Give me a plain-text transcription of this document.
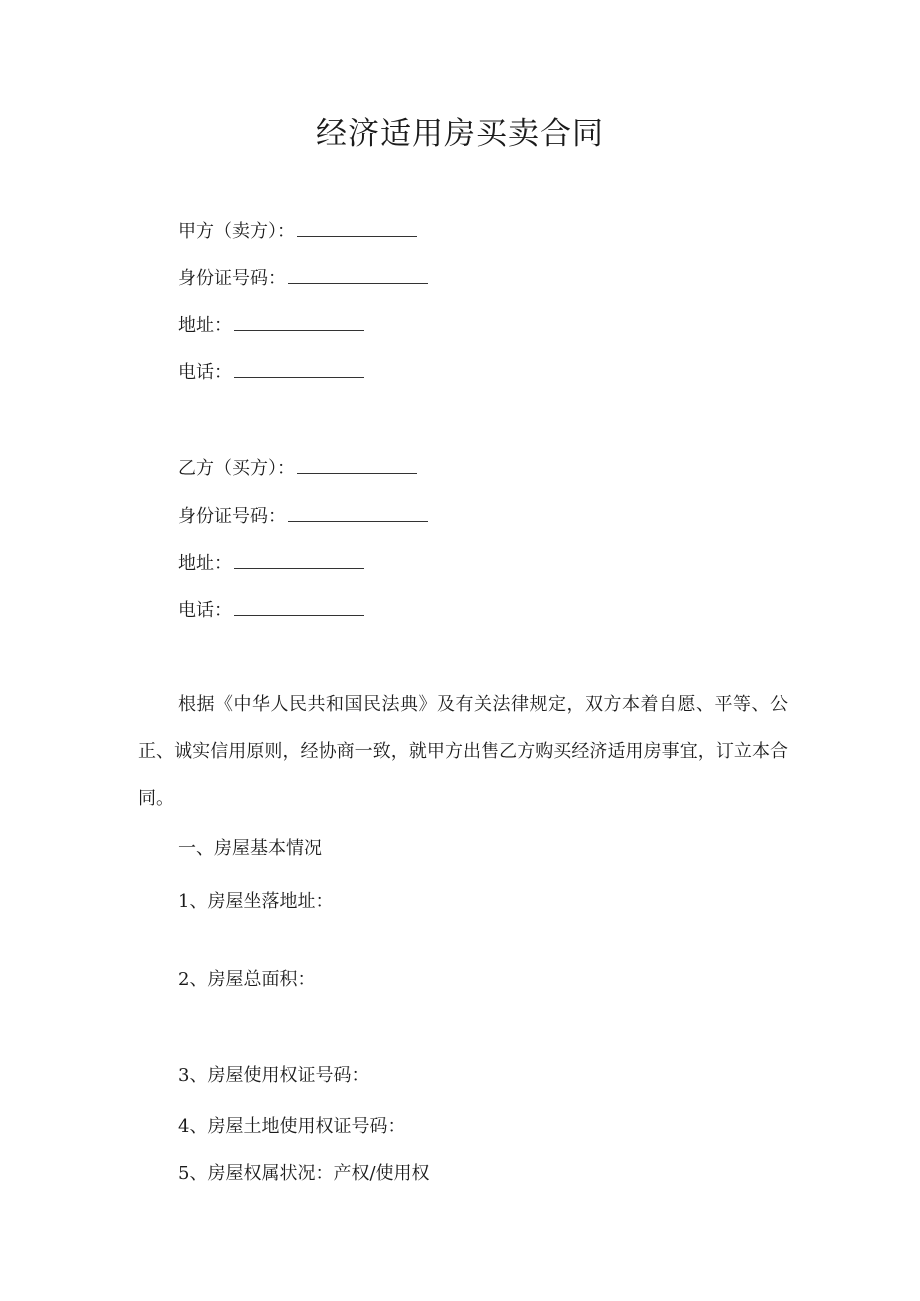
经济适用房买卖合同
甲方（卖方）：
身份证号码：
地址：
电话：
乙方（买方）：
身份证号码：
地址：
电话：
根据《中华人民共和国民法典》及有关法律规定，双方本着自愿、平等、公正、诚实信用原则，经协商一致，就甲方出售乙方购买经济适用房事宜，订立本合同。
一、房屋基本情况
1、房屋坐落地址：
2、房屋总面积：
3、房屋使用权证号码：
4、房屋土地使用权证号码：
5、房屋权属状况：产权/使用权
